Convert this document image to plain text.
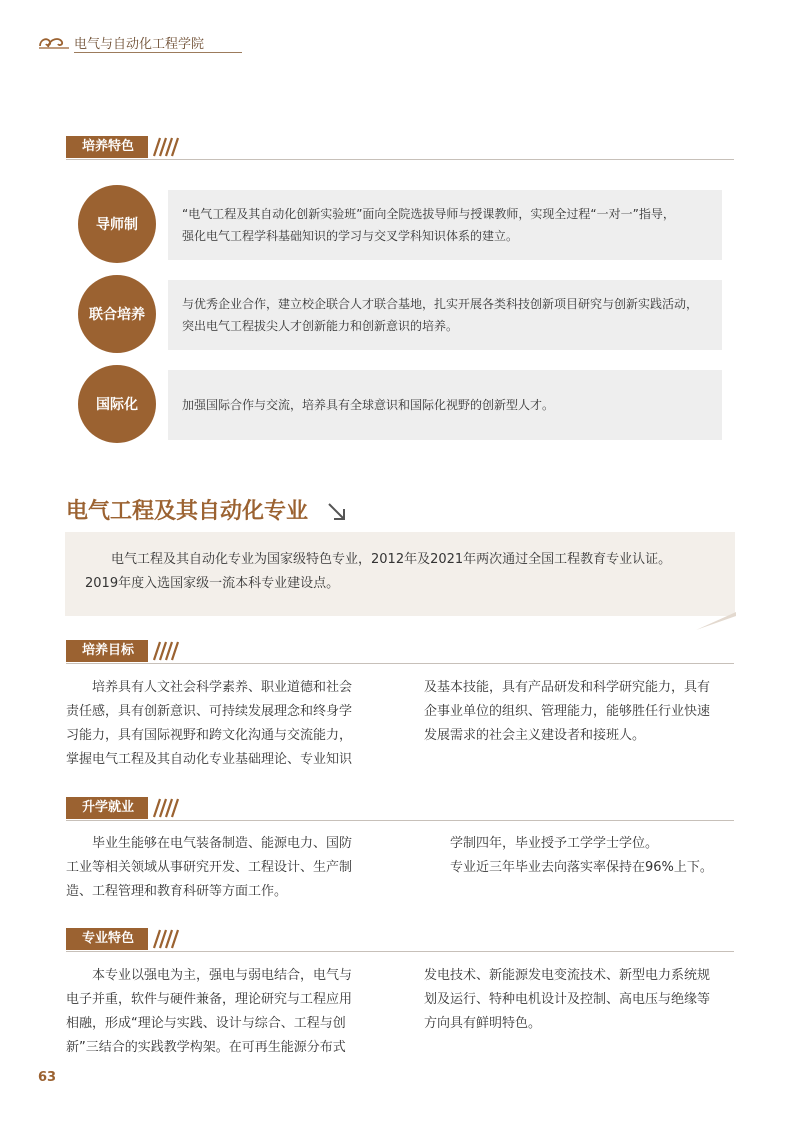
电气与自动化工程学院
培养特色
导师制
“电气工程及其自动化创新实验班”面向全院选拔导师与授课教师，实现全过程“一对一”指导，
强化电气工程学科基础知识的学习与交叉学科知识体系的建立。
联合培养
与优秀企业合作，建立校企联合人才联合基地，扎实开展各类科技创新项目研究与创新实践活动，
突出电气工程拔尖人才创新能力和创新意识的培养。
国际化	加强国际合作与交流，培养具有全球意识和国际化视野的创新型人才。
电气工程及其自动化专业
电气工程及其自动化专业为国家级特色专业，2012年及2021年两次通过全国工程教育专业认证。
2019年度入选国家级一流本科专业建设点。
培养目标
培养具有人文社会科学素养、职业道德和社会
责任感，具有创新意识、可持续发展理念和终身学
习能力，具有国际视野和跨文化沟通与交流能力，
掌握电气工程及其自动化专业基础理论、专业知识
及基本技能，具有产品研发和科学研究能力，具有
企事业单位的组织、管理能力，能够胜任行业快速
发展需求的社会主义建设者和接班人。
升学就业
毕业生能够在电气装备制造、能源电力、国防
工业等相关领域从事研究开发、工程设计、生产制
造、工程管理和教育科研等方面工作。
学制四年，毕业授予工学学士学位。
专业近三年毕业去向落实率保持在96%上下。
专业特色
本专业以强电为主，强电与弱电结合，电气与
电子并重，软件与硬件兼备，理论研究与工程应用
相融，形成“理论与实践、设计与综合、工程与创
新”三结合的实践教学构架。在可再生能源分布式
发电技术、新能源发电变流技术、新型电力系统规
划及运行、特种电机设计及控制、高电压与绝缘等
方向具有鲜明特色。
63
